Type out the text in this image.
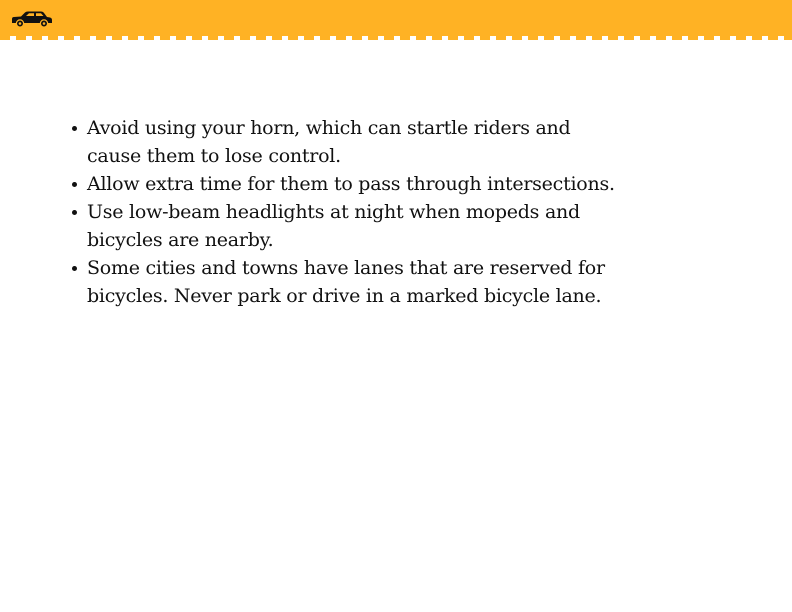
Avoid using your horn, which can startle riders and
cause them to lose control.
Allow extra time for them to pass through intersections.
Use low-beam headlights at night when mopeds and
bicycles are nearby.
Some cities and towns have lanes that are reserved for
bicycles. Never park or drive in a marked bicycle lane.
